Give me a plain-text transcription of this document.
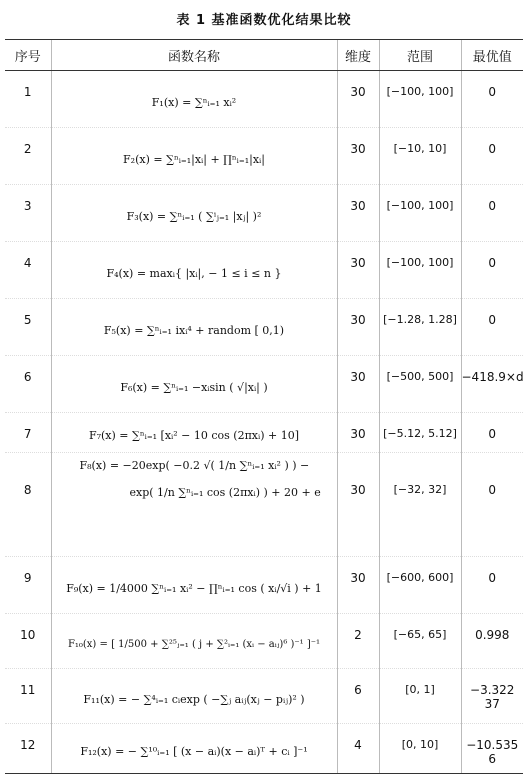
表 1 基准函数优化结果比较
序号	函数名称	维度	范围	最优值
1	F₁(x) = ∑ⁿᵢ₌₁ xᵢ²	30	[−100, 100]	0
2	F₂(x) = ∑ⁿᵢ₌₁|xᵢ| + ∏ⁿᵢ₌₁|xᵢ|	30	[−10, 10]	0
3	F₃(x) = ∑ⁿᵢ₌₁ ( ∑ⁱⱼ₌₁ |xⱼ| )²	30	[−100, 100]	0
4	F₄(x) = maxᵢ{ |xᵢ|, − 1 ≤ i ≤ n }	30	[−100, 100]	0
5	F₅(x) = ∑ⁿᵢ₌₁ ixᵢ⁴ + random [ 0,1)	30	[−1.28, 1.28]	0
6	F₆(x) = ∑ⁿᵢ₌₁ −xᵢsin ( √|xᵢ| )	30	[−500, 500]	−418.9×d
7	F₇(x) = ∑ⁿᵢ₌₁ [xᵢ² − 10 cos (2πxᵢ) + 10]	30	[−5.12, 5.12]	0
8	F₈(x) = −20exp( −0.2 √( 1/n ∑ⁿᵢ₌₁ xᵢ² ) ) −
exp( 1/n ∑ⁿᵢ₌₁ cos (2πxᵢ) ) + 20 + e	30	[−32, 32]	0
9	F₉(x) = 1/4000 ∑ⁿᵢ₌₁ xᵢ² − ∏ⁿᵢ₌₁ cos ( xᵢ/√i ) + 1	30	[−600, 600]	0
10	F₁₀(x) = [ 1/500 + ∑²⁵ⱼ₌₁ ( j + ∑²ᵢ₌₁ (xᵢ − aᵢⱼ)⁶ )⁻¹ ]⁻¹	2	[−65, 65]	0.998
11	F₁₁(x) = − ∑⁴ᵢ₌₁ cᵢexp ( −∑ⱼ aᵢⱼ(xⱼ − pᵢⱼ)² )	6	[0, 1]	−3.322 37
12	F₁₂(x) = − ∑¹⁰ᵢ₌₁ [ (x − aᵢ)(x − aᵢ)ᵀ + cᵢ ]⁻¹	4	[0, 10]	−10.535 6
